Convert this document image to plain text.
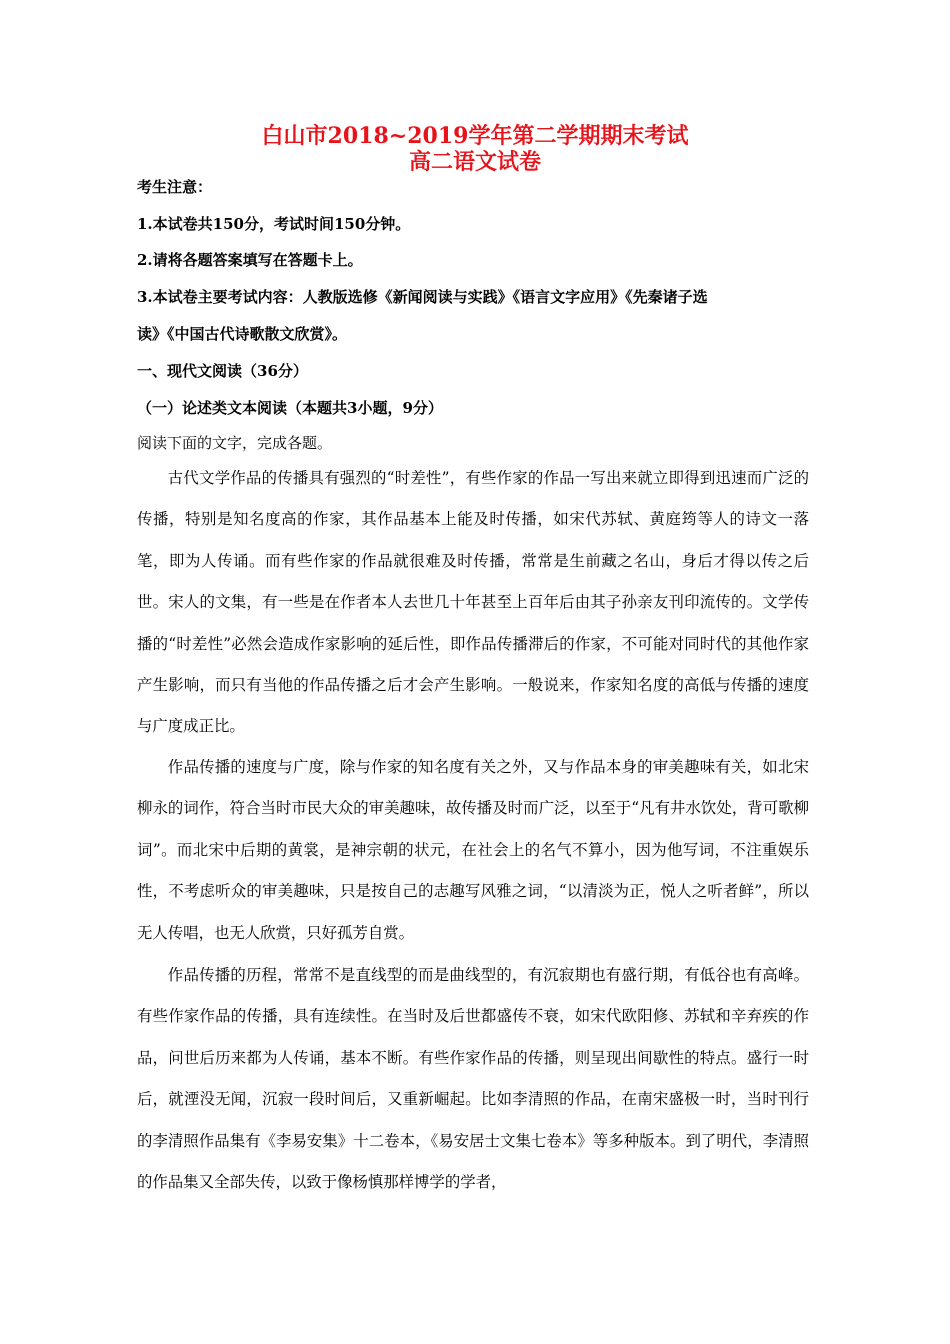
白山市2018~2019学年第二学期期末考试
高二语文试卷
考生注意：
1.本试卷共150分，考试时间150分钟。
2.请将各题答案填写在答题卡上。
3.本试卷主要考试内容：人教版选修《新闻阅读与实践》《语言文字应用》《先秦诸子选
读》《中国古代诗歌散文欣赏》。
一、现代文阅读（36分）
（一）论述类文本阅读（本题共3小题，9分）
阅读下面的文字，完成各题。

古代文学作品的传播具有强烈的“时差性”，有些作家的作品一写出来就立即得到迅速而广泛的传播，特别是知名度高的作家，其作品基本上能及时传播，如宋代苏轼、黄庭筠等人的诗文一落笔，即为人传诵。而有些作家的作品就很难及时传播，常常是生前藏之名山，身后才得以传之后世。宋人的文集，有一些是在作者本人去世几十年甚至上百年后由其子孙亲友刊印流传的。文学传播的“时差性”必然会造成作家影响的延后性，即作品传播滞后的作家，不可能对同时代的其他作家产生影响，而只有当他的作品传播之后才会产生影响。一般说来，作家知名度的高低与传播的速度与广度成正比。

作品传播的速度与广度，除与作家的知名度有关之外，又与作品本身的审美趣味有关，如北宋柳永的词作，符合当时市民大众的审美趣味，故传播及时而广泛，以至于“凡有井水饮处，背可歌柳词”。而北宋中后期的黄裳，是神宗朝的状元，在社会上的名气不算小，因为他写词，不注重娱乐性，不考虑听众的审美趣味，只是按自己的志趣写风雅之词，“以清淡为正，悦人之听者鲜”，所以无人传唱，也无人欣赏，只好孤芳自赏。

作品传播的历程，常常不是直线型的而是曲线型的，有沉寂期也有盛行期，有低谷也有高峰。有些作家作品的传播，具有连续性。在当时及后世都盛传不衰，如宋代欧阳修、苏轼和辛弃疾的作品，问世后历来都为人传诵，基本不断。有些作家作品的传播，则呈现出间歇性的特点。盛行一时后，就湮没无闻，沉寂一段时间后，又重新崛起。比如李清照的作品，在南宋盛极一时，当时刊行的李清照作品集有《李易安集》十二卷本，《易安居士文集七卷本》等多种版本。到了明代，李清照的作品集又全部失传，以致于像杨慎那样博学的学者，
